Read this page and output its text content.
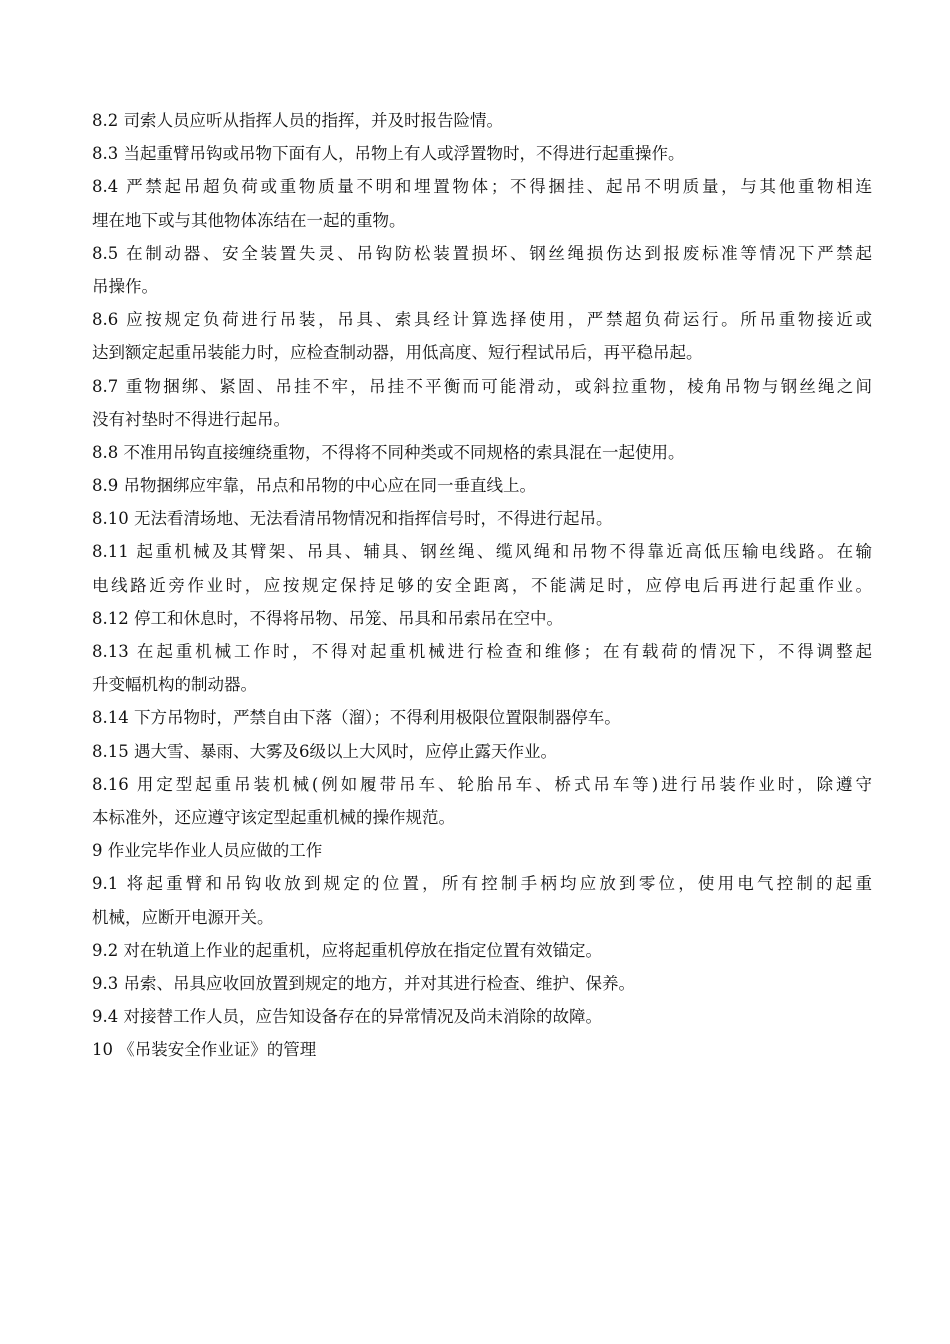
8.2 司索人员应听从指挥人员的指挥，并及时报告险情。
8.3 当起重臂吊钩或吊物下面有人，吊物上有人或浮置物时，不得进行起重操作。
8.4 严禁起吊超负荷或重物质量不明和埋置物体；不得捆挂、起吊不明质量，与其他重物相连
埋在地下或与其他物体冻结在一起的重物。
8.5 在制动器、安全装置失灵、吊钩防松装置损坏、钢丝绳损伤达到报废标准等情况下严禁起
吊操作。
8.6 应按规定负荷进行吊装，吊具、索具经计算选择使用，严禁超负荷运行。所吊重物接近或
达到额定起重吊装能力时，应检查制动器，用低高度、短行程试吊后，再平稳吊起。
8.7 重物捆绑、紧固、吊挂不牢，吊挂不平衡而可能滑动，或斜拉重物，棱角吊物与钢丝绳之间
没有衬垫时不得进行起吊。
8.8 不准用吊钩直接缠绕重物，不得将不同种类或不同规格的索具混在一起使用。
8.9 吊物捆绑应牢靠，吊点和吊物的中心应在同一垂直线上。
8.10 无法看清场地、无法看清吊物情况和指挥信号时，不得进行起吊。
8.11 起重机械及其臂架、吊具、辅具、钢丝绳、缆风绳和吊物不得靠近高低压输电线路。在输
电线路近旁作业时，应按规定保持足够的安全距离，不能满足时，应停电后再进行起重作业。
8.12 停工和休息时，不得将吊物、吊笼、吊具和吊索吊在空中。
8.13 在起重机械工作时，不得对起重机械进行检查和维修；在有载荷的情况下，不得调整起
升变幅机构的制动器。
8.14 下方吊物时，严禁自由下落（溜）；不得利用极限位置限制器停车。
8.15 遇大雪、暴雨、大雾及6级以上大风时，应停止露天作业。
8.16 用定型起重吊装机械(例如履带吊车、轮胎吊车、桥式吊车等)进行吊装作业时，除遵守
本标准外，还应遵守该定型起重机械的操作规范。
9 作业完毕作业人员应做的工作
9.1 将起重臂和吊钩收放到规定的位置，所有控制手柄均应放到零位，使用电气控制的起重
机械，应断开电源开关。
9.2 对在轨道上作业的起重机，应将起重机停放在指定位置有效锚定。
9.3 吊索、吊具应收回放置到规定的地方，并对其进行检查、维护、保养。
9.4 对接替工作人员，应告知设备存在的异常情况及尚未消除的故障。
10 《吊装安全作业证》的管理
